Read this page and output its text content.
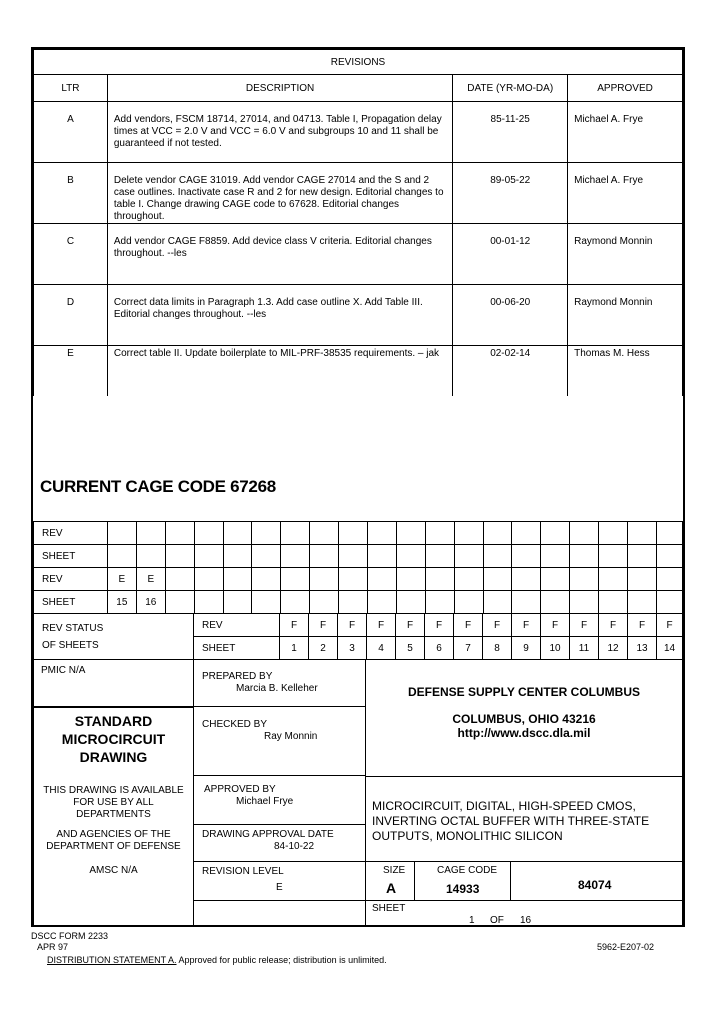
REVISIONS			
LTR	DESCRIPTION	DATE (YR-MO-DA)	APPROVED
A	Add vendors, FSCM 18714, 27014, and 04713. Table I, Propagation delay times at VCC = 2.0 V and VCC = 6.0 V and subgroups 10 and 11 shall be guaranteed if not tested.	85-11-25	Michael A. Frye
B	Delete vendor CAGE 31019. Add vendor CAGE 27014 and the S and 2 case outlines. Inactivate case R and 2 for new design. Editorial changes to table I. Change drawing CAGE code to 67628. Editorial changes throughout.	89-05-22	Michael A. Frye
C	Add vendor CAGE F8859. Add device class V criteria. Editorial changes throughout. --les	00-01-12	Raymond Monnin
D	Correct data limits in Paragraph 1.3. Add case outline X. Add Table III. Editorial changes throughout. --les	00-06-20	Raymond Monnin
E	Correct table II. Update boilerplate to MIL-PRF-38535 requirements. – jak	02-02-14	Thomas M. Hess
CURRENT CAGE CODE 67268
REV																				
SHEET																				
REV	E	E																		
SHEET	15	16																		
REV STATUS
OF SHEETS	REV	F	F	F	F	F	F	F	F	F	F	F	F	F	F
	SHEET	1	2	3	4	5	6	7	8	9	10	11	12	13	14
PMIC N/A
STANDARD
MICROCIRCUIT
DRAWING
THIS DRAWING IS AVAILABLE
FOR USE BY ALL
DEPARTMENTS
AND AGENCIES OF THE
DEPARTMENT OF DEFENSE
AMSC N/A
PREPARED BY
Marcia B. Kelleher
CHECKED BY
Ray Monnin
APPROVED BY
Michael Frye
DRAWING APPROVAL DATE
84-10-22
REVISION LEVEL
E
DEFENSE SUPPLY CENTER COLUMBUS
COLUMBUS, OHIO 43216
http://www.dscc.dla.mil
MICROCIRCUIT, DIGITAL, HIGH-SPEED CMOS,
INVERTING OCTAL BUFFER WITH THREE-STATE
OUTPUTS, MONOLITHIC SILICON
SIZE
A
CAGE CODE
14933	84074
SHEET
1 OF 16
DSCC FORM 2233
APR 97	5962-E207-02
DISTRIBUTION STATEMENT A. Approved for public release; distribution is unlimited.
